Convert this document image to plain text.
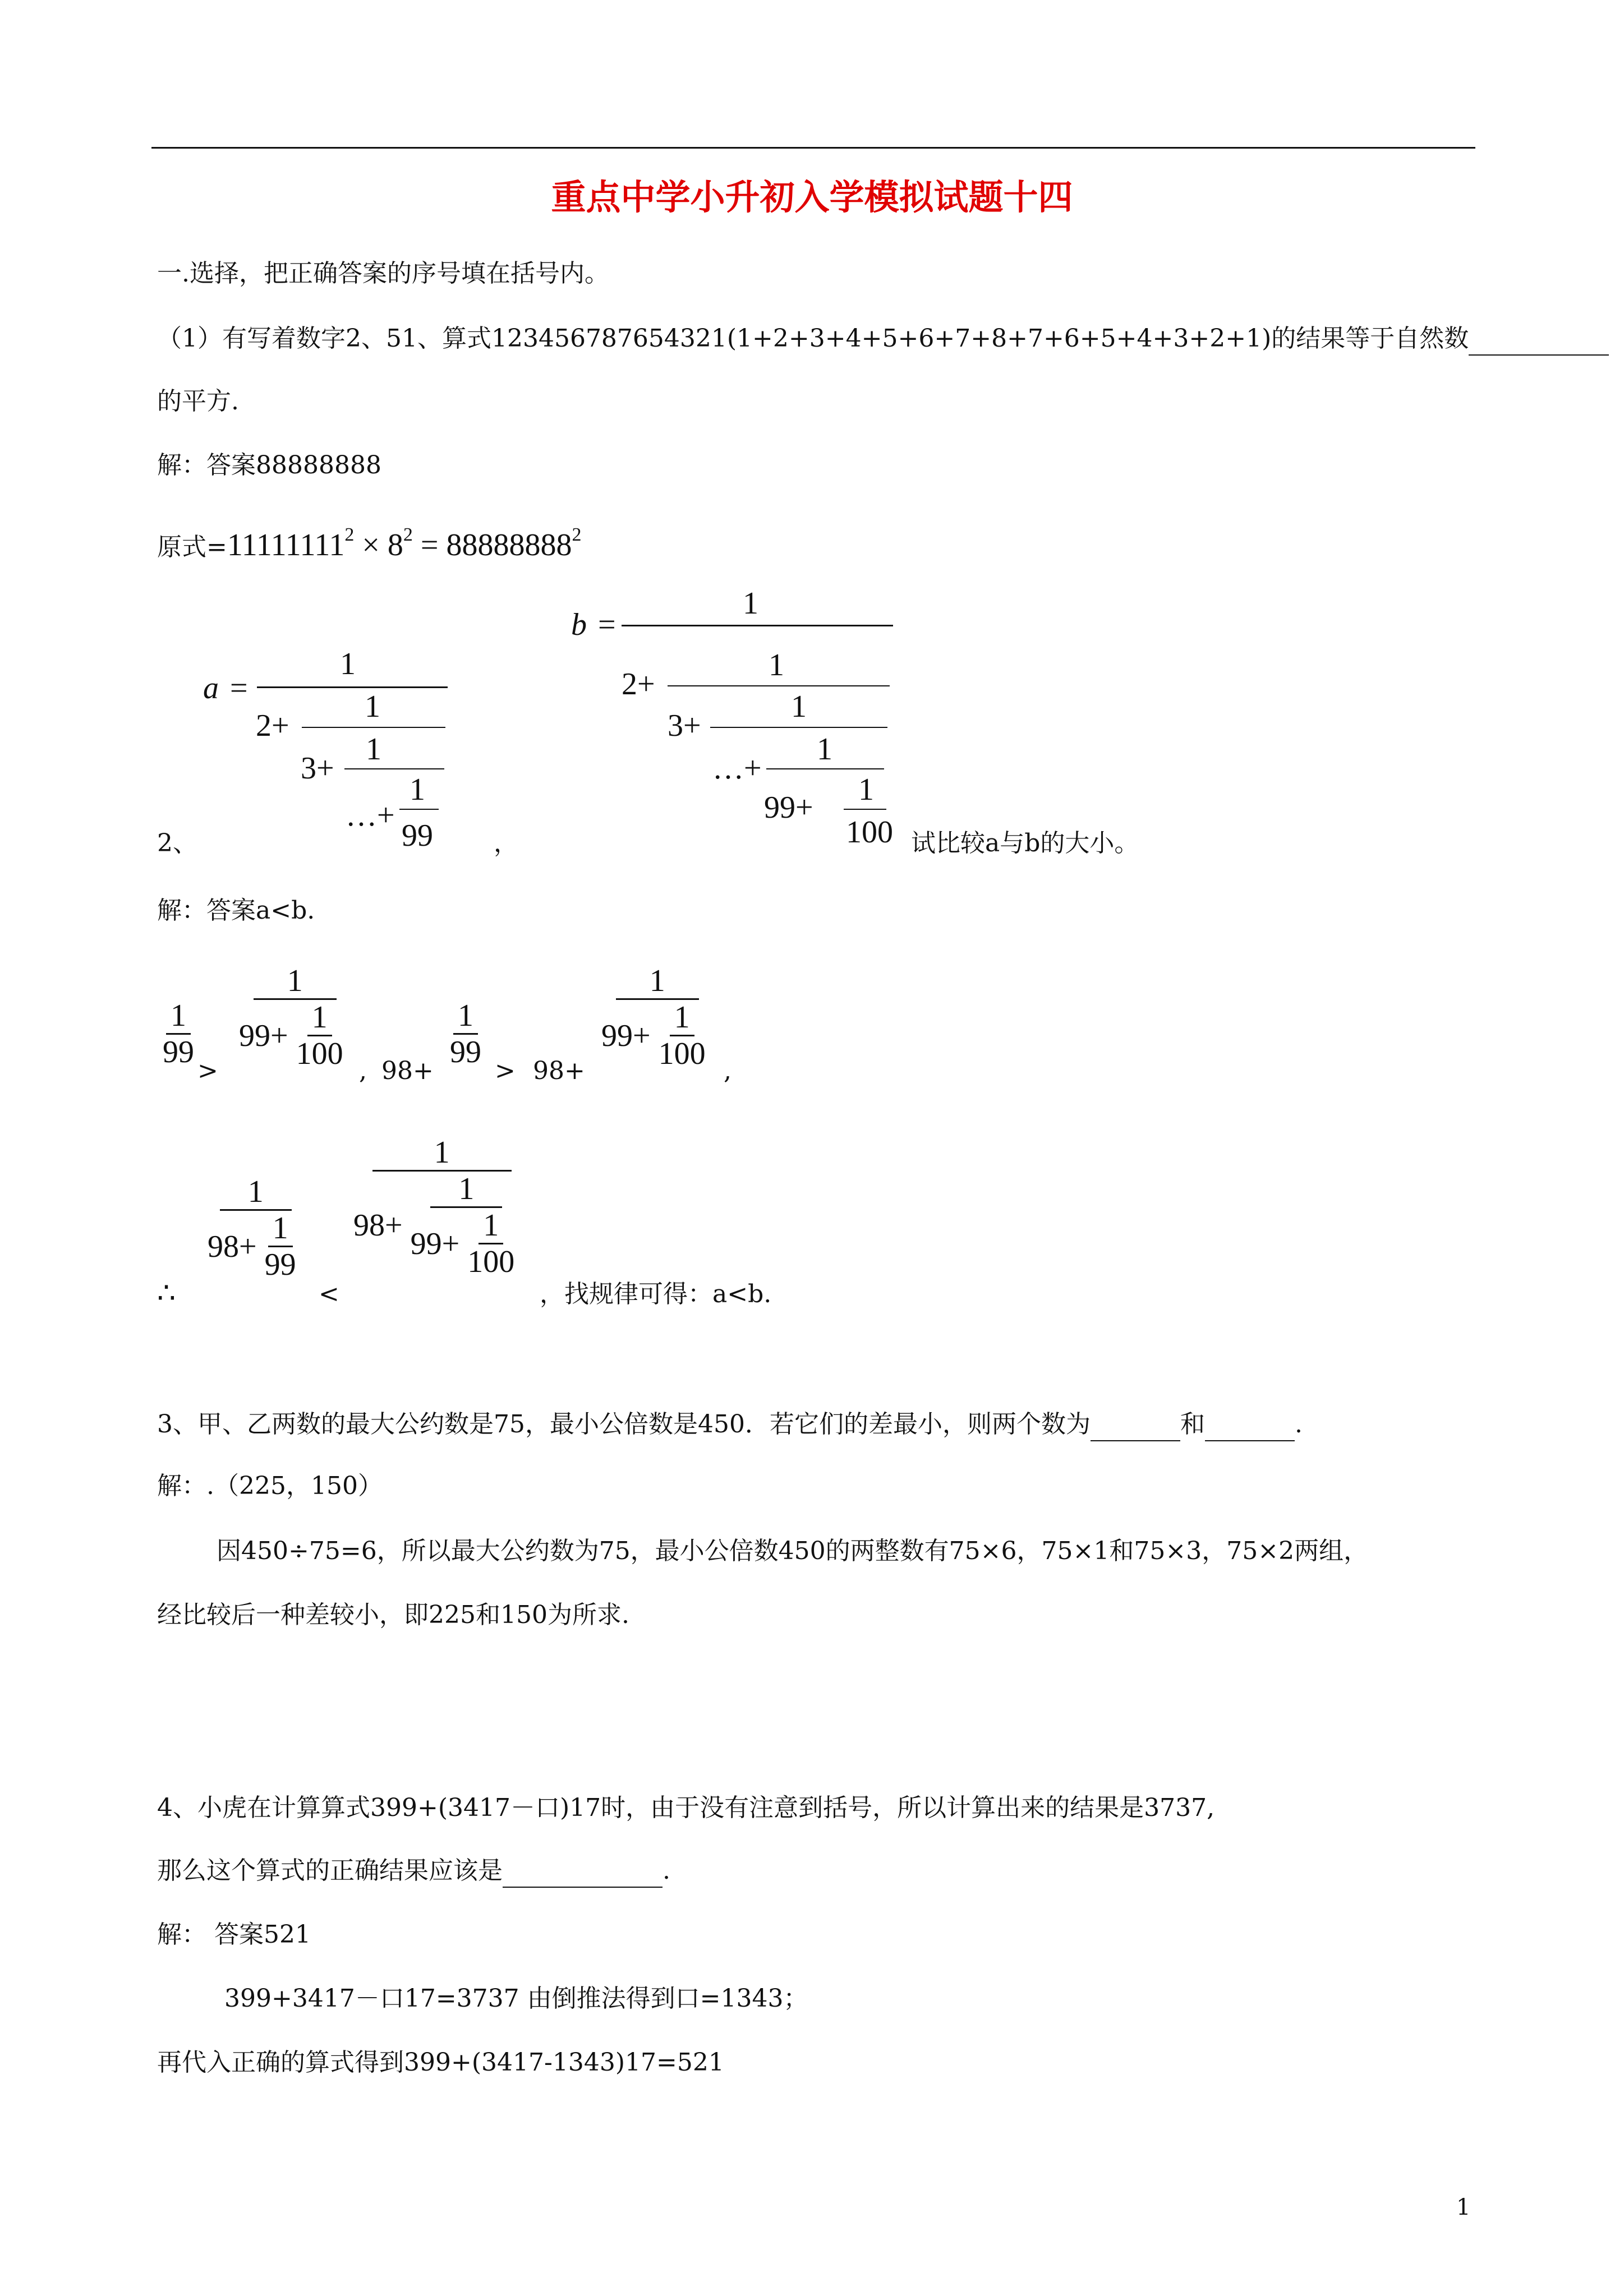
重点中学小升初入学模拟试题十四
一.选择，把正确答案的序号填在括号内。
（1）有写着数字2、51、算式123456787654321(1+2+3+4+5+6+7+8+7+6+5+4+3+2+1)的结果等于自然数
的平方.
解：答案88888888
原式$=11111111^2 \times 8^2 = 88888888^2$
a =
1
2+
1
3+
1
…+
1
99
b =
1
2+
1
3+
1
…+
1
99+
1
100
2、	，	试比较a与b的大小。
解：答案a<b.
$\frac{1}{99}$
> $\frac{1}{99+ \frac{1}{100}}$ , 98+
$\frac{1}{99}$
> $98+ \frac{1}{99+ \frac{1}{100}}$ ,
∴
$\frac{1}{98+ \frac{1}{99}}$
<
$\frac{1}{98+ \frac{1}{99+ \frac{1}{100}}}$
，找规律可得：a<b.
3、甲、乙两数的最大公约数是75，最小公倍数是450．若它们的差最小，则两个数为	和	.
解：.（225，150）
因450÷75=6，所以最大公约数为75，最小公倍数450的两整数有75×6，75×1和75×3，75×2两组，
经比较后一种差较小，即225和150为所求.
4、小虎在计算算式399+(3417－口)17时，由于没有注意到括号，所以计算出来的结果是3737,
那么这个算式的正确结果应该是	.
解： 答案521
399+3417－口17=3737 由倒推法得到口=1343；
再代入正确的算式得到399+(3417-1343)17=521
1
